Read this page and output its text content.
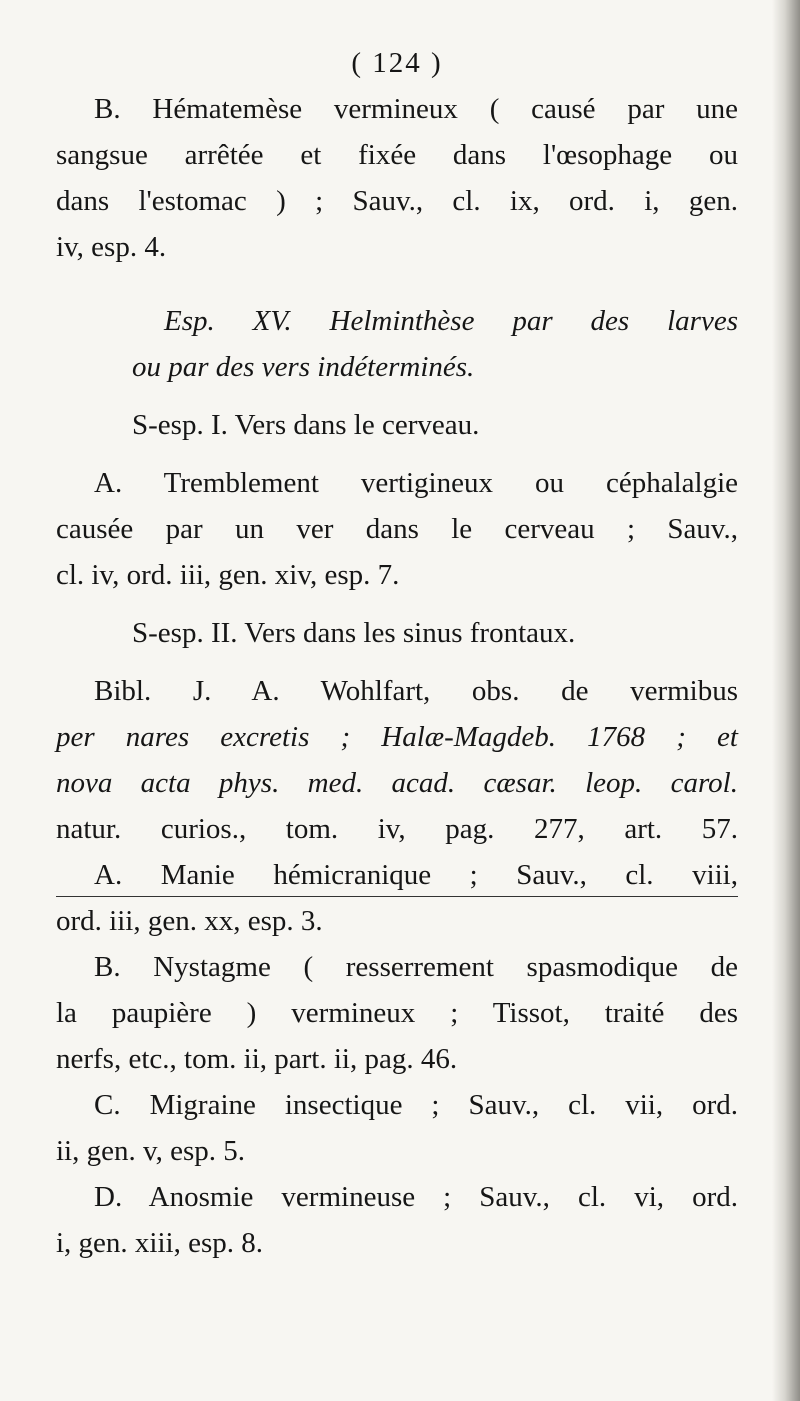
( 124 )
B. Hématemèse vermineux ( causé par une
sangsue arrêtée et fixée dans l'œsophage ou
dans l'estomac ) ; Sauv., cl. ix, ord. i, gen.
iv, esp. 4.
Esp. XV. Helminthèse par des larves
ou par des vers indéterminés.
S-esp. I. Vers dans le cerveau.
A. Tremblement vertigineux ou céphalalgie
causée par un ver dans le cerveau ; Sauv.,
cl. iv, ord. iii, gen. xiv, esp. 7.
S-esp. II. Vers dans les sinus frontaux.
Bibl. J. A. Wohlfart, obs. de vermibus
per nares excretis ; Halæ-Magdeb. 1768 ; et
nova acta phys. med. acad. cæsar. leop. carol.
natur. curios., tom. iv, pag. 277, art. 57.
A. Manie hémicranique ; Sauv., cl. viii,
ord. iii, gen. xx, esp. 3.
B. Nystagme ( resserrement spasmodique de
la paupière ) vermineux ; Tissot, traité des
nerfs, etc., tom. ii, part. ii, pag. 46.
C. Migraine insectique ; Sauv., cl. vii, ord.
ii, gen. v, esp. 5.
D. Anosmie vermineuse ; Sauv., cl. vi, ord.
i, gen. xiii, esp. 8.
